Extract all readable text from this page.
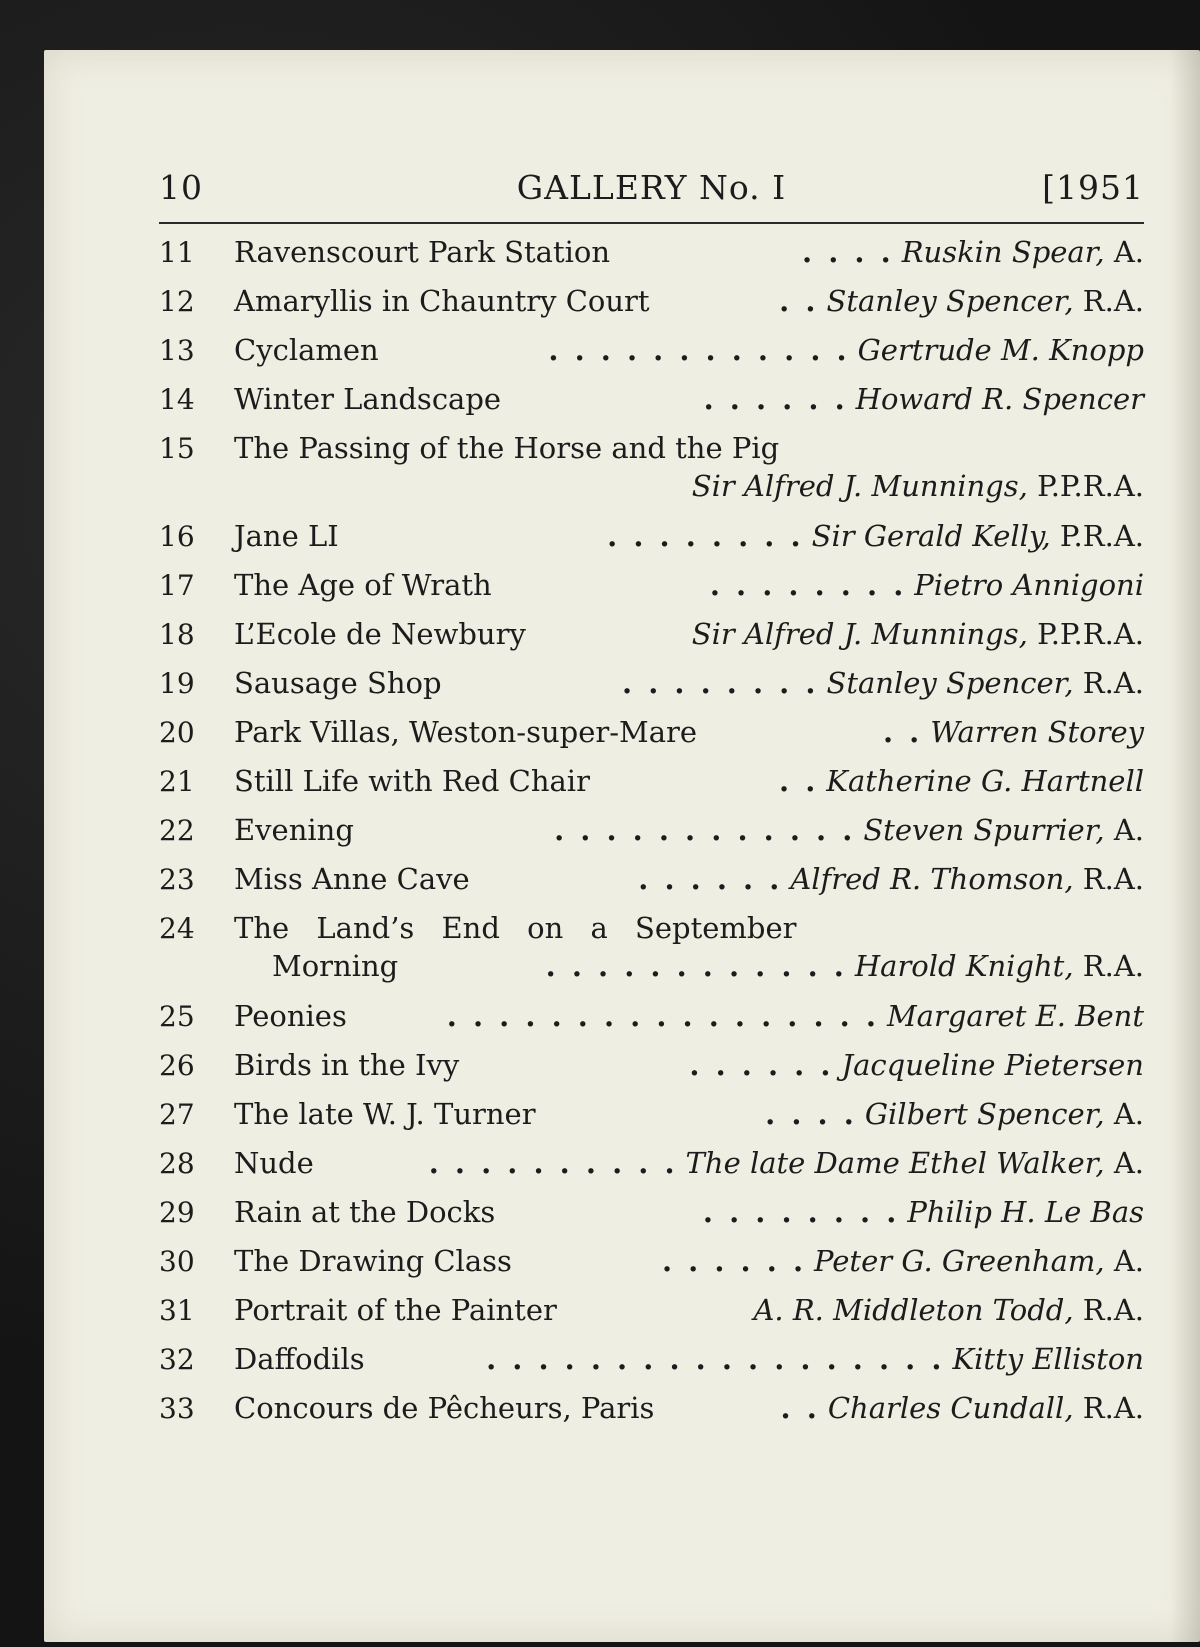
10	GALLERY No. I	[1951
11	Ravenscourt Park Station	. . . . Ruskin Spear,
A.
12	Amaryllis in Chauntry Court	. . Stanley Spencer,
R.A.
13	Cyclamen	. . . . . . . . . . . . Gertrude M. Knopp
14	Winter Landscape	. . . . . . Howard R. Spencer
15	The Passing of the Horse and the Pig
Sir Alfred J. Munnings,
P.P.R.A.
16	Jane LI	. . . . . . . . Sir Gerald Kelly,
P.R.A.
17	The Age of Wrath	. . . . . . . . Pietro Annigoni
18	L’Ecole de Newbury	Sir Alfred J. Munnings,
P.P.R.A.
19	Sausage Shop	. . . . . . . . Stanley Spencer,
R.A.
20	Park Villas, Weston-super-Mare	. . Warren Storey
21	Still Life with Red Chair	. . Katherine G. Hartnell
22	Evening	. . . . . . . . . . . . Steven Spurrier,
A.
23	Miss Anne Cave	. . . . . . Alfred R. Thomson,
R.A.
24	The Land’s End on a September
Morning	. . . . . . . . . . . . Harold Knight,
R.A.
25	Peonies	. . . . . . . . . . . . . . . . . Margaret E. Bent
26	Birds in the Ivy	. . . . . . Jacqueline Pietersen
27	The late W. J. Turner	. . . . Gilbert Spencer,
A.
28	Nude	. . . . . . . . . . The late Dame Ethel Walker,
A.
29	Rain at the Docks	. . . . . . . . Philip H. Le Bas
30	The Drawing Class	. . . . . . Peter G. Greenham,
A.
31	Portrait of the Painter	A. R. Middleton Todd,
R.A.
32	Daffodils	. . . . . . . . . . . . . . . . . . Kitty Elliston
33	Concours de Pêcheurs, Paris	. . Charles Cundall,
R.A.
